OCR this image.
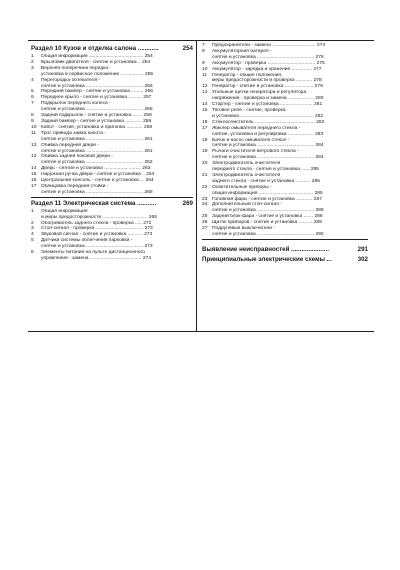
Раздел 10 Кузов и отделка салона ............	254
1	Общая информация ........................................ 254
2	Брызговик двигателя - снятие и установка .. 254
3	Верхняя поперечина передка -
установка в сервисное положение ................. 255
4	Перегородка обтекателя -
снятие и установка .......................................... 256
5	Передний бампер - снятие и установка ......... 256
6	Переднее крыло - снятие и установка .......... 257
7	Подкрылок переднего колеса -
снятие и установка .......................................... 258
8	Задний подкрылок - снятие и установка ....... 258
9	Задний бампер - снятие и установка ............ 259
10 Капот - снятие, установка и пригонка ............ 259
11	Трос привода замка капота -
снятие и установка .......................................... 261
12 Обивка передней двери -
снятие и установка .......................................... 261
13 Обивка задней боковой двери -
снятие и установка .......................................... 262
14 Дверь - снятие и установка ........................... 263
15 Наружная ручка двери - снятие и установка .. 264
16 Центральная консоль - снятие и установка ... 264
17 Облицовка передней стойки -
снятие и установка .......................................... 268
Раздел 11 Электрическая система ...........	269
1	Общая информация
и меры предосторожности ................................. 269
2	Обогреватель заднего стекла - проверка ..... 272
3	Стоп-сигнал - проверка ................................... 273
4	Звуковой сигнал - снятие и установка ........... 273
5	Датчики системы облегчения парковки -
снятие и установка .......................................... 273
6	Элементы питания на пульте дистанционного
управления - замена ...................................... 274
7	Предохранители - замена ................................ 274
8	Аккумуляторная батарея -
снятие и установка .......................................... 275
9	Аккумулятор - проверка ................................... 275
10 Аккумулятор - зарядка и хранение ............... 277
11	Генератор - общие положения,
меры предосторожности и проверка ............ 278
12 Генератор - снятие и установка ..................... 279
13 Угольные щетки генератора и регулятора
напряжения - проверка и замена ................... 280
14 Стартер - снятие и установка ........................ 281
15 Тяговое реле - снятие, проверка
и установка ...................................................... 282
16 Стеклоочиститель ............................................ 282
17 Жиклер омывателя переднего стекла -
снятие, установка и регулировка ................... 283
18 Бачок и насос омывателя стекол -
снятие и установка .......................................... 284
19 Рычаги очистителя ветрового стекла -
снятие и установка .......................................... 284
20 Электродвигатель очистителя
переднего стекла - снятие и установка ...... 285
21 Электродвигатель очистителя
заднего стекла - снятие и установка ........... 285
22 Осветительные приборы -
общая информация ........................................ 285
23 Головная фара - снятие и установка ............ 287
24 Дополнительный стоп-сигнал -
снятие и установка .......................................... 288
25 Задний блок-фара - снятие и установка ....... 288
26 Щиток приборов - снятие и установка .......... 289
27 Подрулевые выключатели -
снятие и установка .......................................... 290
Выявление неисправностей ......................	291
Принципиальные электрические схемы ...	302
